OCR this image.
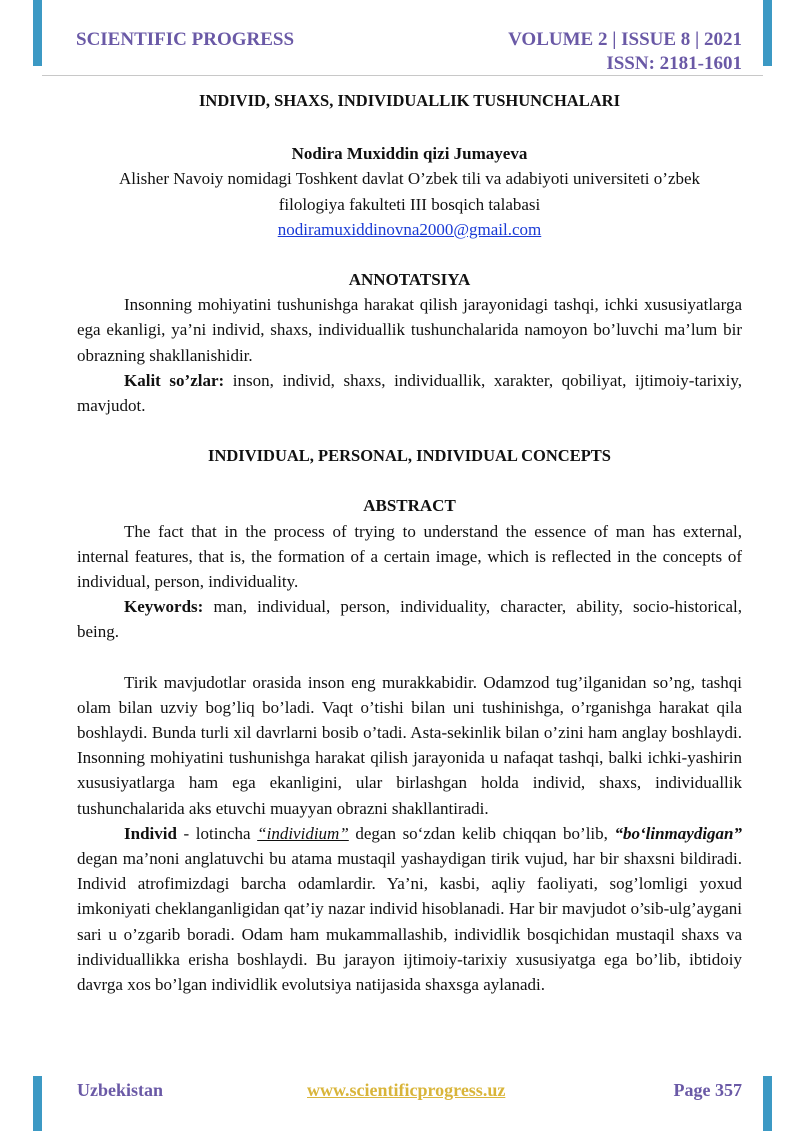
SCIENTIFIC PROGRESS	VOLUME 2 | ISSUE 8 | 2021
ISSN: 2181-1601
INDIVID, SHAXS, INDIVIDUALLIK TUSHUNCHALARI
Nodira Muxiddin qizi Jumayeva
Alisher Navoiy nomidagi Toshkent davlat O’zbek tili va adabiyoti universiteti o’zbek
filologiya fakulteti III bosqich talabasi
nodiramuxiddinovna2000@gmail.com
ANNOTATSIYA

Insonning mohiyatini tushunishga harakat qilish jarayonidagi tashqi, ichki xususiyatlarga ega ekanligi, ya’ni individ, shaxs, individuallik tushunchalarida namoyon bo’luvchi ma’lum bir obrazning shakllanishidir.

Kalit so’zlar: inson, individ, shaxs, individuallik, xarakter, qobiliyat, ijtimoiy-tarixiy, mavjudot.

INDIVIDUAL, PERSONAL, INDIVIDUAL CONCEPTS
ABSTRACT

The fact that in the process of trying to understand the essence of man has external, internal features, that is, the formation of a certain image, which is reflected in the concepts of individual, person, individuality.

Keywords: man, individual, person, individuality, character, ability, socio-historical, being.

Tirik mavjudotlar orasida inson eng murakkabidir. Odamzod tug’ilganidan so’ng, tashqi olam bilan uzviy bog’liq bo’ladi. Vaqt o’tishi bilan uni tushinishga, o’rganishga harakat qila boshlaydi. Bunda turli xil davrlarni bosib o’tadi. Asta-sekinlik bilan o’zini ham anglay boshlaydi. Insonning mohiyatini tushunishga harakat qilish jarayonida u nafaqat tashqi, balki ichki-yashirin xususiyatlarga ham ega ekanligini, ular birlashgan holda individ, shaxs, individuallik tushunchalarida aks etuvchi muayyan obrazni shakllantiradi.

Individ - lotincha “individium” degan so‘zdan kelib chiqqan bo’lib, “bo‘linmaydigan” degan ma’noni anglatuvchi bu atama mustaqil yashaydigan tirik vujud, har bir shaxsni bildiradi. Individ atrofimizdagi barcha odamlardir. Ya’ni, kasbi, aqliy faoliyati, sog’lomligi yoxud imkoniyati cheklanganligidan qat’iy nazar individ hisoblanadi. Har bir mavjudot o’sib-ulg’aygani sari u o’zgarib boradi. Odam ham mukammallashib, individlik bosqichidan mustaqil shaxs va individuallikka erisha boshlaydi. Bu jarayon ijtimoiy-tarixiy xususiyatga ega bo’lib, ibtidoiy davrga xos bo’lgan individlik evolutsiya natijasida shaxsga aylanadi.

Uzbekistan	www.scientificprogress.uz	Page 357
